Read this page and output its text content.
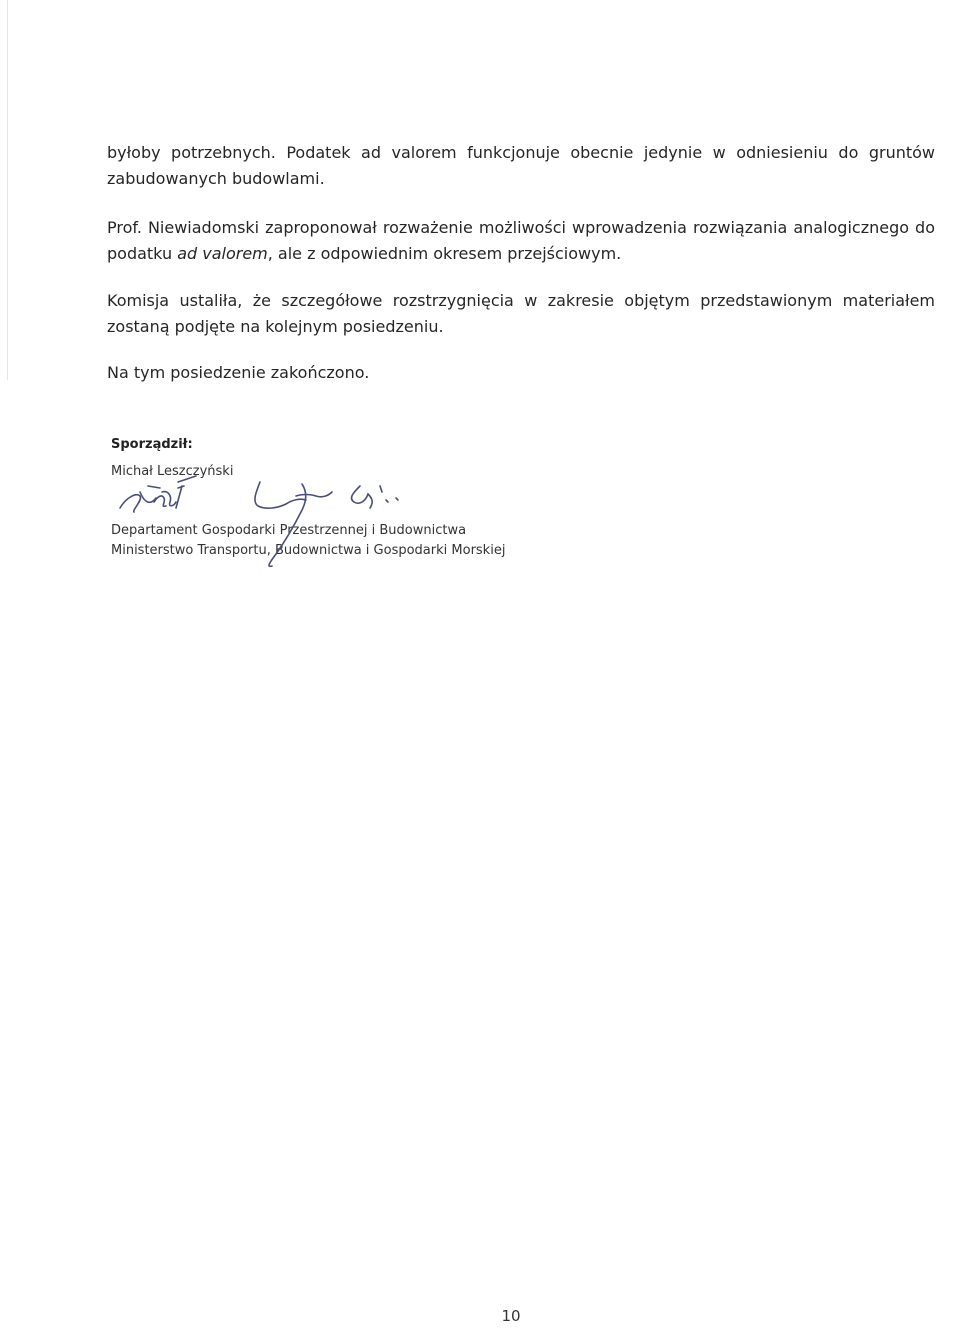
byłoby potrzebnych. Podatek ad valorem funkcjonuje obecnie jedynie w odniesieniu do gruntów zabudowanych budowlami.

Prof. Niewiadomski zaproponował rozważenie możliwości wprowadzenia rozwiązania analogicznego do podatku ad valorem, ale z odpowiednim okresem przejściowym.

Komisja ustaliła, że szczegółowe rozstrzygnięcia w zakresie objętym przedstawionym materiałem zostaną podjęte na kolejnym posiedzeniu.

Na tym posiedzenie zakończono.

Sporządził:

Michał Leszczyński

Departament Gospodarki Przestrzennej i Budownictwa

Ministerstwo Transportu, Budownictwa i Gospodarki Morskiej

10
